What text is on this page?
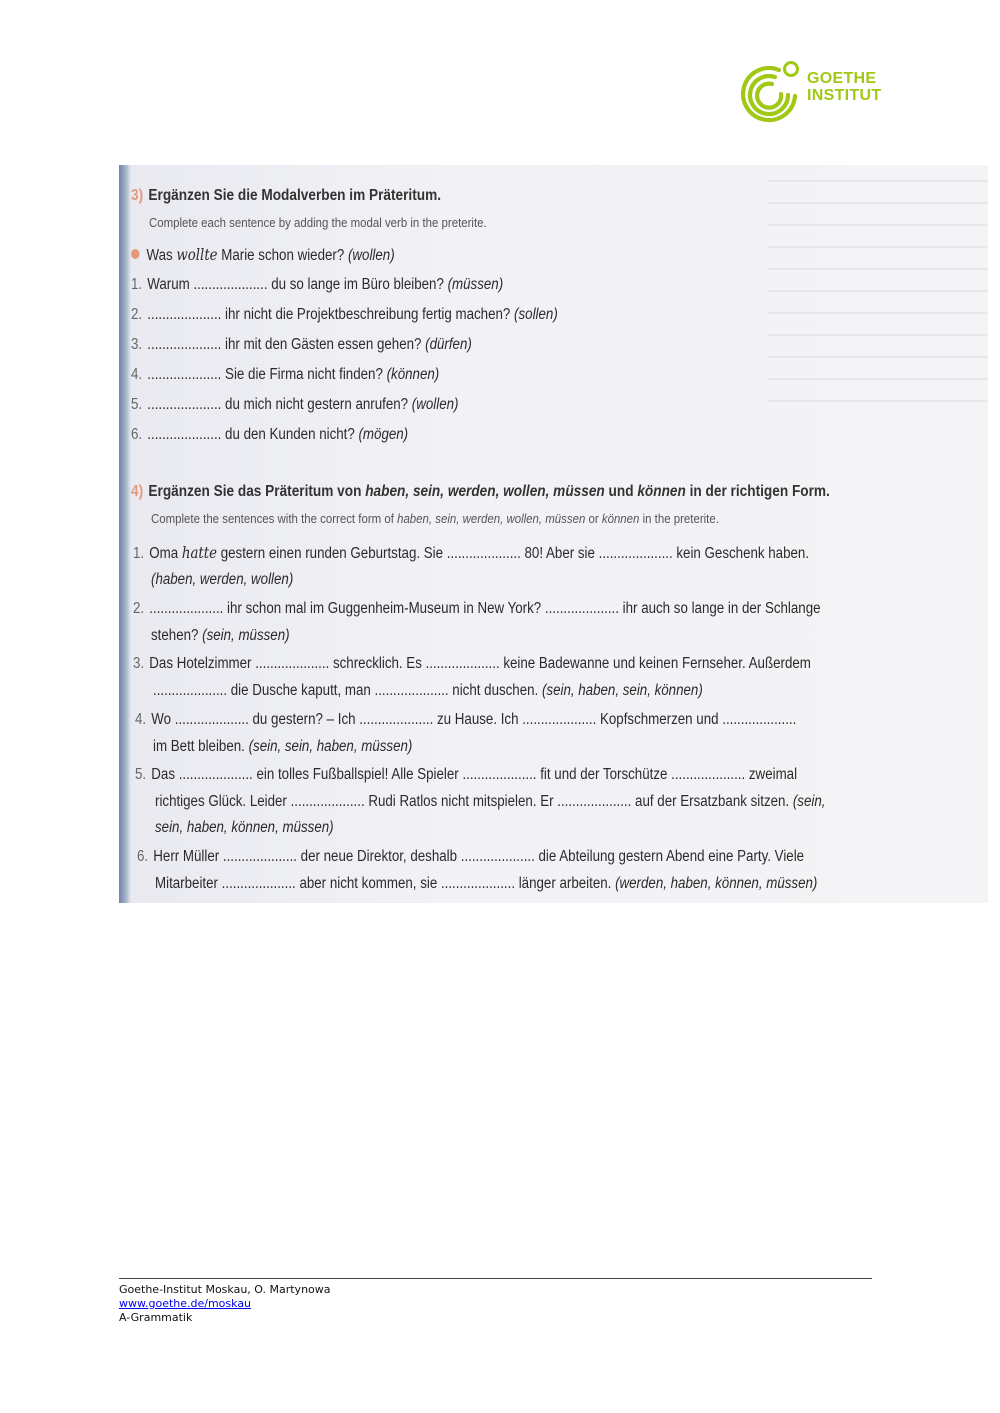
GOETHE
INSTITUT
3) Ergänzen Sie die Modalverben im Präteritum.
Complete each sentence by adding the modal verb in the preterite.
Was wollte Marie schon wieder? (wollen)
1. Warum .................... du so lange im Büro bleiben? (müssen)
2. .................... ihr nicht die Projektbeschreibung fertig machen? (sollen)
3. .................... ihr mit den Gästen essen gehen? (dürfen)
4. .................... Sie die Firma nicht finden? (können)
5. .................... du mich nicht gestern anrufen? (wollen)
6. .................... du den Kunden nicht? (mögen)
4) Ergänzen Sie das Präteritum von haben, sein, werden, wollen, müssen und können in der richtigen Form.
Complete the sentences with the correct form of haben, sein, werden, wollen, müssen or können in the preterite.
1. Oma hatte gestern einen runden Geburtstag. Sie .................... 80! Aber sie .................... kein Geschenk haben.
(haben, werden, wollen)
2. .................... ihr schon mal im Guggenheim-Museum in New York? .................... ihr auch so lange in der Schlange
stehen? (sein, müssen)
3. Das Hotelzimmer .................... schrecklich. Es .................... keine Badewanne und keinen Fernseher. Außerdem
.................... die Dusche kaputt, man .................... nicht duschen. (sein, haben, sein, können)
4. Wo .................... du gestern? – Ich .................... zu Hause. Ich .................... Kopfschmerzen und ....................
im Bett bleiben. (sein, sein, haben, müssen)
5. Das .................... ein tolles Fußballspiel! Alle Spieler .................... fit und der Torschütze .................... zweimal
richtiges Glück. Leider .................... Rudi Ratlos nicht mitspielen. Er .................... auf der Ersatzbank sitzen. (sein,
sein, haben, können, müssen)
6. Herr Müller .................... der neue Direktor, deshalb .................... die Abteilung gestern Abend eine Party. Viele
Mitarbeiter .................... aber nicht kommen, sie .................... länger arbeiten. (werden, haben, können, müssen)
Goethe-Institut Moskau, O. Martynowa
www.goethe.de/moskau
A-Grammatik
